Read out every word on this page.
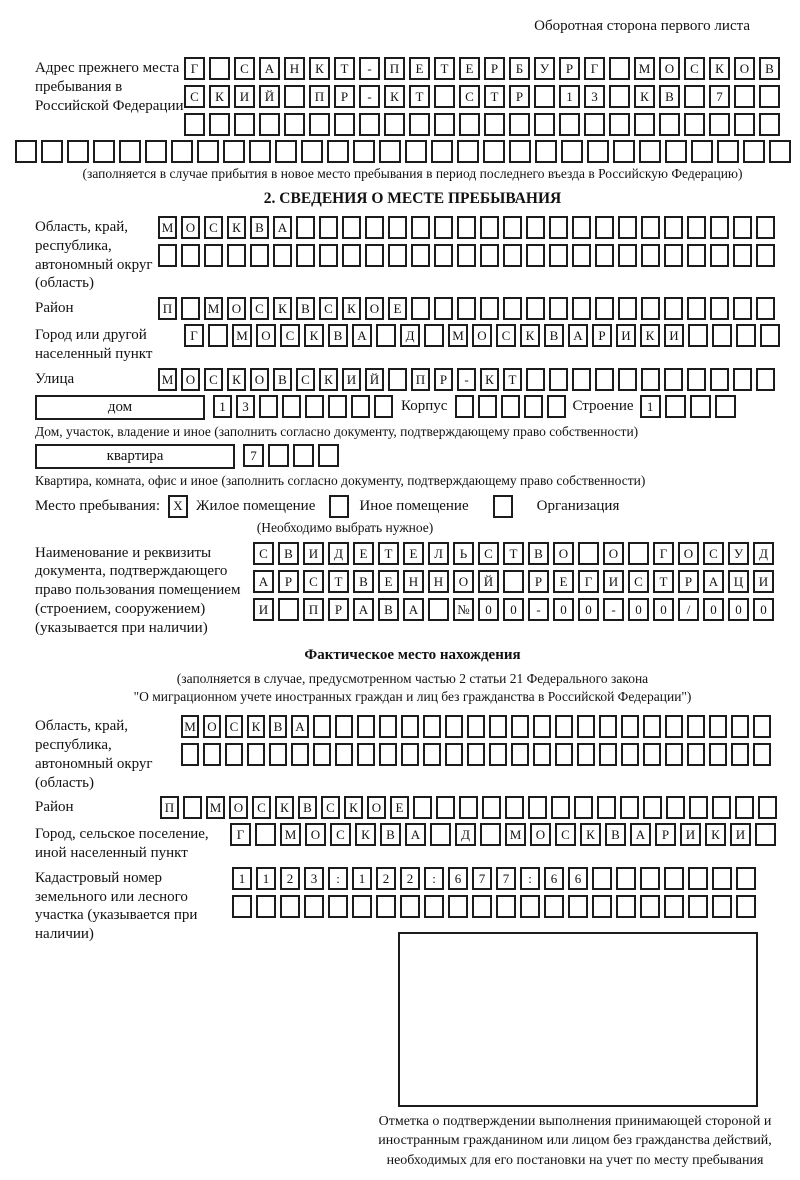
Оборотная сторона первого листа
Адрес прежнего места пребывания в Российской Федерации
Г	С	А	Н	К	Т	-	П	Е	Т	Е	Р	Б	У	Р	Г	М	О	С	К	О	В
С	К	И	Й	П	Р	-	К	Т	С	Т	Р	1	3	К	В	7
(заполняется в случае прибытия в новое место пребывания в период последнего въезда в Российскую Федерацию)
2. СВЕДЕНИЯ О МЕСТЕ ПРЕБЫВАНИЯ
Область, край, республика, автономный округ (область)
М О	С	К	В	А
Район	П	М О	С	К	В	С	К	О	Е
Город или другой населенный пункт
Г	М	О	С	К	В	А	Д	М	О	С	К	В	А	Р	И	К	И
Улица	М О	С	К	О	В	С	К	И	Й	П	Р	-	К	Т
дом	1	3	Корпус	Строение	1
Дом, участок, владение и иное (заполнить согласно документу, подтверждающему право собственности)
квартира	7
Квартира, комната, офис и иное (заполнить согласно документу, подтверждающему право собственности)
Место пребывания:	X Жилое помещение	Иное помещение	Организация
(Необходимо выбрать нужное)
Наименование и реквизиты документа, подтверждающего право пользования помещением (строением, сооружением) (указывается при наличии)
С	В	И	Д	Е	Т	Е	Л	Ь	С	Т	В	О	О	Г	О	С	У	Д
А	Р	С	Т	В	Е	Н	Н	О	Й	Р	Е	Г	И	С	Т	Р	А	Ц	И
И	П	Р	А	В	А	№	0	0	-	0	0	-	0	0	/	0	0	0
Фактическое место нахождения
(заполняется в случае, предусмотренном частью 2 статьи 21 Федерального закона
"О миграционном учете иностранных граждан и лиц без гражданства в Российской Федерации")
Область, край, республика, автономный округ (область)
М О С	К	В А
Район	П	М О	С	К	В	С	К	О	Е
Город, сельское поселение, иной населенный пункт
Г	М	О	С	К	В	А	Д	М	О	С	К	В	А	Р	И	К	И
Кадастровый номер земельного или лесного участка (указывается при наличии)
1	1	2	3	:	1	2	2	:	6	7	7	:	6	6
Отметка о подтверждении выполнения принимающей стороной и иностранным гражданином или лицом без гражданства действий, необходимых для его постановки на учет по месту пребывания
